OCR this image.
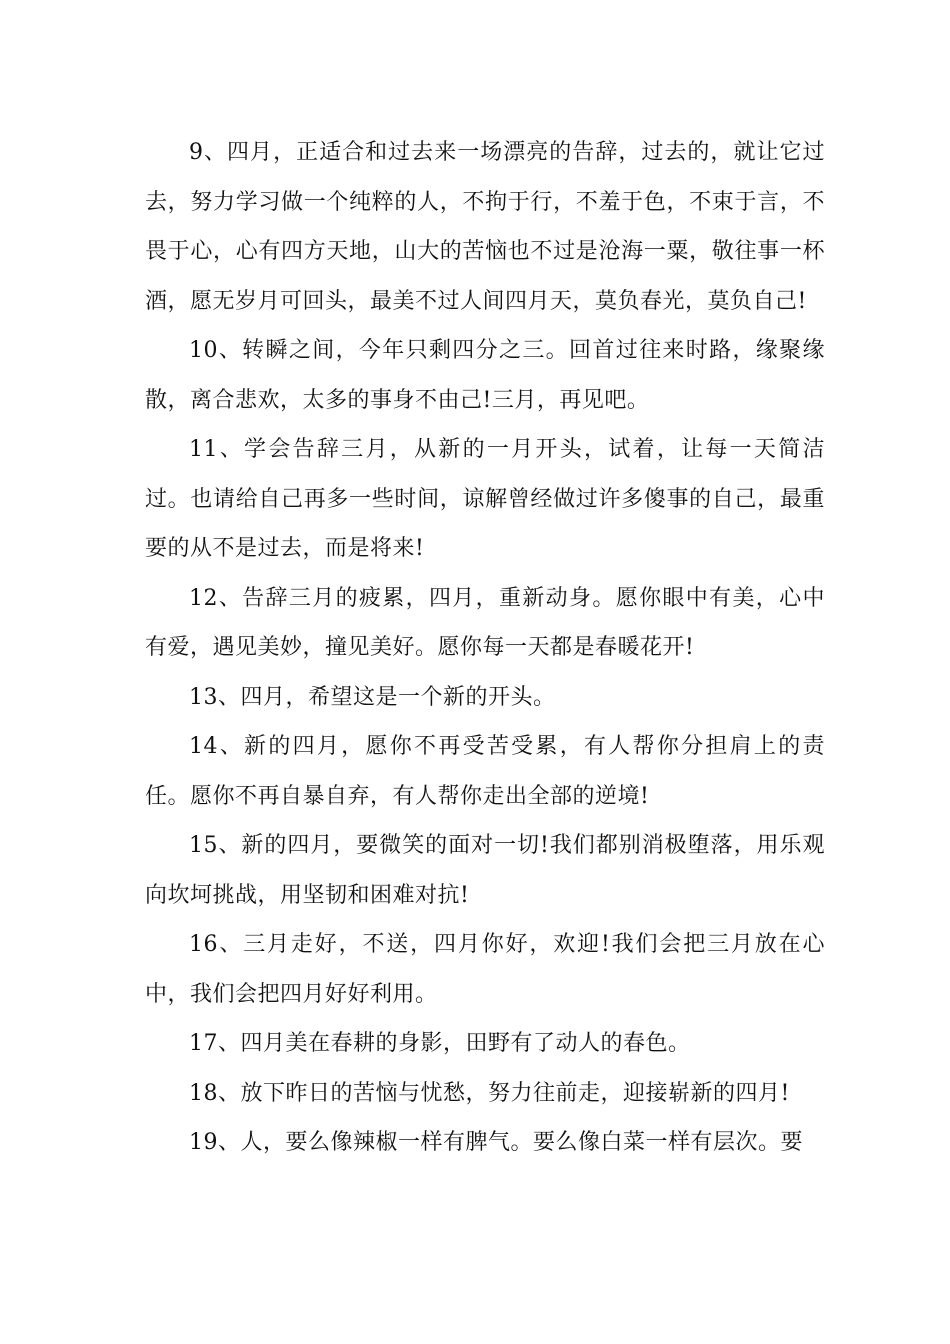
9、四月，正适合和过去来一场漂亮的告辞，过去的，就让它过去，努力学习做一个纯粹的人，不拘于行，不羞于色，不束于言，不畏于心，心有四方天地，山大的苦恼也不过是沧海一粟，敬往事一杯酒，愿无岁月可回头，最美不过人间四月天，莫负春光，莫负自己!

10、转瞬之间，今年只剩四分之三。回首过往来时路，缘聚缘散，离合悲欢，太多的事身不由己!三月，再见吧。

11、学会告辞三月，从新的一月开头，试着，让每一天简洁过。也请给自己再多一些时间，谅解曾经做过许多傻事的自己，最重要的从不是过去，而是将来!

12、告辞三月的疲累，四月，重新动身。愿你眼中有美，心中有爱，遇见美妙，撞见美好。愿你每一天都是春暖花开!

13、四月，希望这是一个新的开头。

14、新的四月，愿你不再受苦受累，有人帮你分担肩上的责任。愿你不再自暴自弃，有人帮你走出全部的逆境!

15、新的四月，要微笑的面对一切!我们都别消极堕落，用乐观向坎坷挑战，用坚韧和困难对抗!

16、三月走好，不送，四月你好，欢迎!我们会把三月放在心中，我们会把四月好好利用。

17、四月美在春耕的身影，田野有了动人的春色。

18、放下昨日的苦恼与忧愁，努力往前走，迎接崭新的四月!

19、人，要么像辣椒一样有脾气。要么像白菜一样有层次。要
